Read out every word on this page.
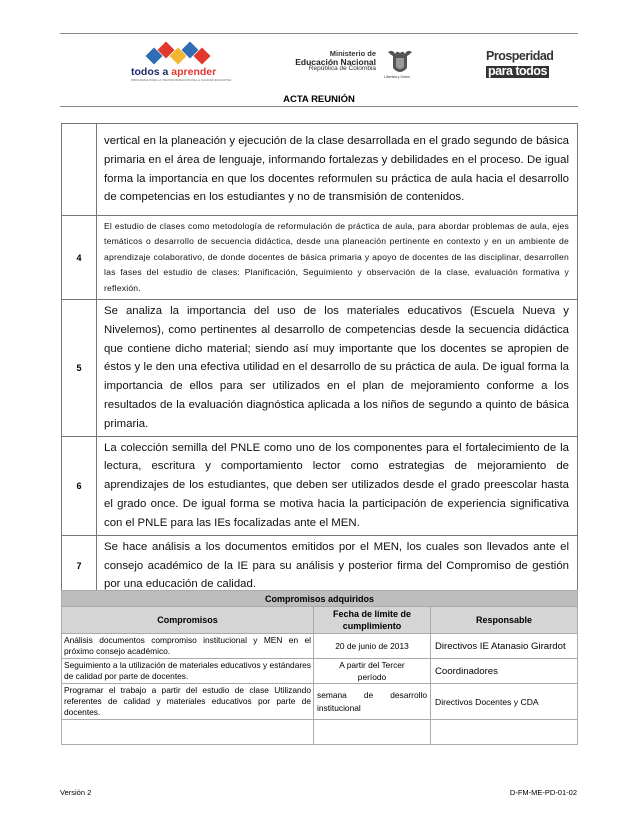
todos a aprender
PROGRAMA PARA LA TRANSFORMACIÓN DE LA CALIDAD EDUCATIVA
Ministerio de
Educación Nacional
República de Colombia
Libertad y Orden
Prosperidad
para todos
ACTA REUNIÓN
	vertical en la planeación y ejecución de la clase desarrollada en el grado segundo de básica primaria en el área de lenguaje, informando fortalezas y debilidades en el proceso. De igual forma la importancia en que los docentes reformulen su práctica de aula hacia el desarrollo de competencias en los estudiantes y no de transmisión de contenidos.
4	El estudio de clases como metodología de reformulación de práctica de aula, para abordar problemas de aula, ejes temáticos o desarrollo de secuencia didáctica, desde una planeación pertinente en contexto y en un ambiente de aprendizaje colaborativo, de donde docentes de básica primaria y apoyo de docentes de las disciplinar, desarrollen las fases del estudio de clases: Planificación, Seguimiento y observación de la clase, evaluación formativa y reflexión.
5	Se analiza la importancia del uso de los materiales educativos (Escuela Nueva y Nivelemos), como pertinentes al desarrollo de competencias desde la secuencia didáctica que contiene dicho material; siendo así muy importante que los docentes se apropien de éstos y le den una efectiva utilidad en el desarrollo de su práctica de aula. De igual forma la importancia de ellos para ser utilizados en el plan de mejoramiento conforme a los resultados de la evaluación diagnóstica aplicada a los niños de segundo a quinto de básica primaria.
6	La colección semilla del PNLE como uno de los componentes para el fortalecimiento de la lectura, escritura y comportamiento lector como estrategias de mejoramiento de aprendizajes de los estudiantes, que deben ser utilizados desde el grado preescolar hasta el grado once. De igual forma se motiva hacia la participación de experiencia significativa con el PNLE para las IEs focalizadas ante el MEN.
7	Se hace análisis a los documentos emitidos por el MEN, los cuales son llevados ante el consejo académico de la IE para su análisis y posterior firma del Compromiso de gestión por una educación de calidad.
Compromisos adquiridos		
Compromisos	Fecha de límite de cumplimiento	Responsable
Análisis documentos compromiso institucional y MEN en el próximo consejo académico.	20 de junio de 2013	Directivos IE Atanasio Girardot
Seguimiento a la utilización de materiales educativos y estándares de calidad por parte de docentes.	A partir del Tercer período	Coordinadores
Programar el trabajo a partir del estudio de clase Utilizando referentes de calidad y materiales educativos por parte de docentes.	semana de desarrollo institucional	Directivos Docentes y CDA

Versión 2	D-FM-ME-PD-01-02
